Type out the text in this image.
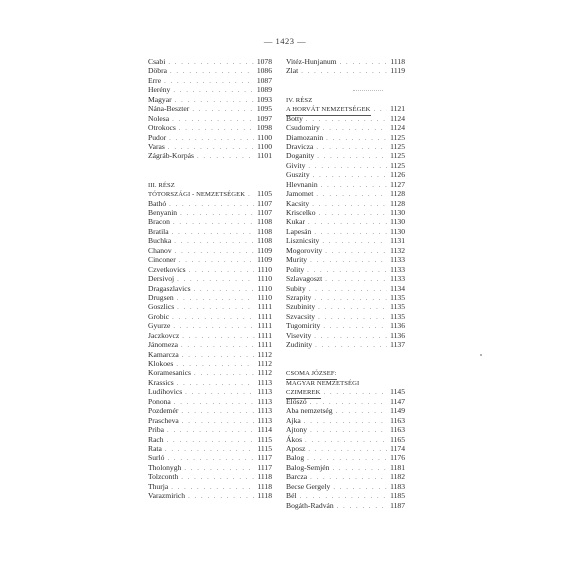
— 1423 —
Csabi . . .	1078
Döbra . . .	1086
Erre . . .	1087
Herény . . .	1089
Magyar . . .	1093
Nána-Beszter . . .	1095
Nolesa . . .	1097
Otrokocs . . .	1098
Pudor . . .	1100
Varas . . .	1100
Zágráb-Korpás . . .	1101
III. RÉSZ
TÓTORSZÁGI - NEMZETSÉGEK . . . 1105
Bathó . . .	1107
Benyanin . . .	1107
Bracon . . .	1108
Bratila . . .	1108
Buchka . . .	1108
Chanov . . .	1109
Cinconer . . .	1109
Czvetkovics . . .	1110
Dersivoj . . .	1110
Dragaszlavics . . .	1110
Drugsen . . .	1110
Goszlics . . .	1111
Grobic . . .	1111
Gyurze . . .	1111
Jaczkovcz . . .	1111
Jánomeza . . .	1111
Kamarcza . . .	1112
Klokoes . . .	1112
Koramesanics . . .	1112
Krassics . . .	1113
Ludihovics . . .	1113
Ponona . . .	1113
Pozdemér . . .	1113
Prascheva . . .	1113
Priba . . .	1114
Rach . . .	1115
Rata . . .	1115
Surló . . .	1117
Tholonygh . . .	1117
Tolzconth . . .	1118
Thurja . . .	1118
Varazmirich . . .	1118
Vitéz-Hunjanum . . .	1118
Zlat . . .	1119
IV. RÉSZ
A HORVÁT NEMZETSÉGEK . . .	1121
Botty . . .	1124
Csudomiry . . .	1124
Diamozanin . . .	1125
Dravicza . . .	1125
Doganity . . .	1125
Givity . . .	1125
Guszity . . .	1126
Hlevnanin . . .	1127
Jamomet . . .	1128
Kacsity . . .	1128
Kriscelko . . .	1130
Kukar . . .	1130
Lapesán . . .	1130
Lisznicsity . . .	1131
Mogorovity . . .	1132
Murity . . .	1133
Polity . . .	1133
Szlavagoszt . . .	1133
Subity . . .	1134
Szrapity . . .	1135
Szubinity . . .	1135
Szvacsity . . .	1135
Tugomirity . . .	1136
Visevity . . .	1136
Zudinity . . .	1137
CSOMA JÓZSEF:
MAGYAR NEMZETSÉGI
CZIMEREK . . .	1145
Elöszó . . .	1147
Aba nemzetség . . .	1149
Ajka . . .	1163
Ajtony . . .	1163
Ákos . . .	1165
Aposz . . .	1174
Balog . . .	1176
Balog-Semjén . . .	1181
Barcza . . .	1182
Becse Gergely . . .	1183
Bél . . .	1185
Bogáth-Radván . . .	1187
